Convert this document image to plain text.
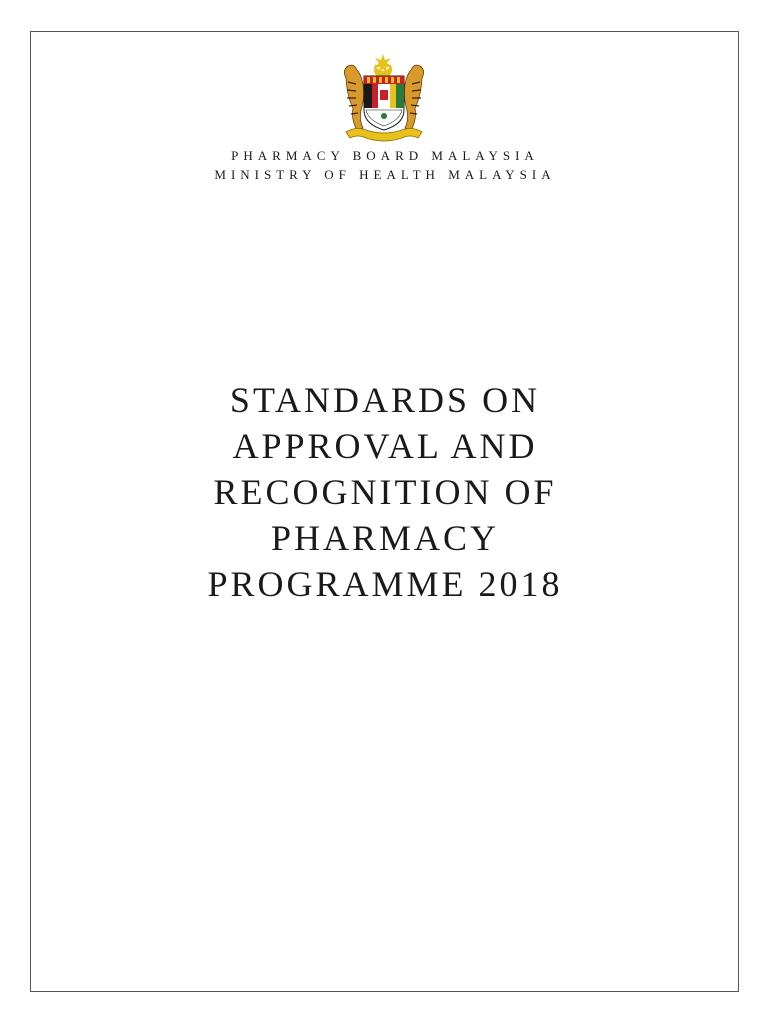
PHARMACY BOARD MALAYSIA
MINISTRY OF HEALTH MALAYSIA
STANDARDS ON
APPROVAL AND
RECOGNITION OF
PHARMACY
PROGRAMME 2018
